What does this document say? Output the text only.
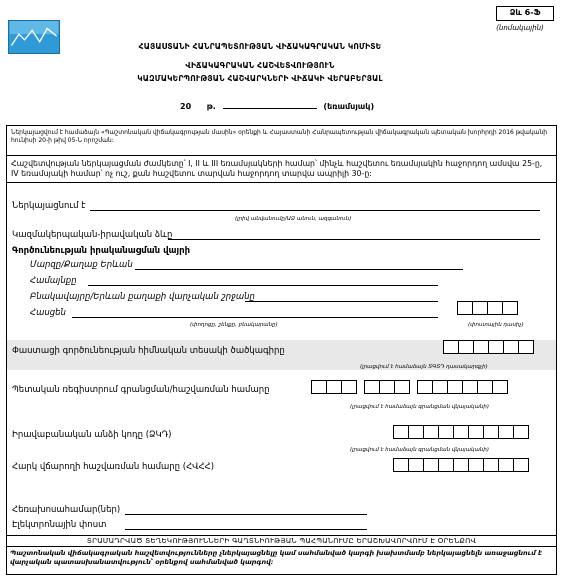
Ձև 6-Ֆ
(նոմակային)
ՀԱՅԱՍՏԱՆԻ ՀԱՆՐԱՊԵՏՈՒԹՅԱՆ ՎԻՃԱԿԱԳՐԱԿԱՆ ԿՈՄԻՏԵ
ՎԻՃԱԿԱԳՐԱԿԱՆ ՀԱՇՎԵՏՎՈՒԹՅՈՒՆ
ԿԱԶՄԱԿԵՐՊՈՒԹՅԱՆ ՀԱՇՎԱՐԿՆԵՐԻ ՎԻՃԱԿԻ ՎԵՐԱԲԵՐՅԱԼ
20 թ.	(եռամսյակ)
Ներկայացվում է համաձայն «Պաշտոնական վիճակագրության մասին» օրենքի և Հայաստանի Հանրապետության վիճակագրական պետական խորհրդի 2016 թվականի հունիսի 20-ի թիվ 05-Ն որոշման:
Հաշվետվության ներկայացման ժամկետը՝ I, II և III եռամսյակների համար՝ մինչև հաշվետու եռամսյակին հաջորդող ամսվա 25-ը, IV եռամսյակի համար՝ ոչ ուշ, քան հաշվետու տարվան հաջորդող տարվա ապրիլի 30-ը:
Ներկայացնում է
(լրիվ անվանումը/ԱՁ անուն, ազգանուն)
Կազմակերպական-իրավական ձևը
Գործունեության իրականացման վայրի
Մարզը/Քաղաք Երևան
Համայնքը
Բնակավայրը/Երևան քաղաքի վարչական շրջանը
Հասցեն
(փողոցը, շենքը, բնակարանը)	(փոստային դասիչ)
Փաստացի գործունեության հիմնական տեսակի ծածկագիրը
(լրացվում է համաձայն ՏԳՏԴ դասակարգչի)
Պետական ռեգիստրում գրանցման/հաշվառման համարը
(լրացվում է համաձայն գրանցման վկայականի)
Իրավաբանական անձի կոդը (ՁԿԴ)
(լրացվում է համաձայն գրանցման վկայականի)
Հարկ վճարողի հաշվառման համարը (ՀՎՀՀ)
Հեռախոսահամար(ներ)
Էլեկտրոնային փոստ
ՏՐԱՄԱԴՐՎԱԾ ՏԵՂԵԿՈՒԹՅՈՒՆՆԵՐԻ ԳԱՂՏՆԻՈՒԹՅԱՆ ՊԱՀՊԱՆՈՒՄԸ ԵՐԱՇԽԱՎՈՐՎՈՒՄ Է ՕՐԵՆՔՈՎ
Պաշտոնական վիճակագրական հաշվետվությունները չներկայացնելը կամ սահմանված կարգի խախտմամբ ներկայացնելն առաջացնում է վարչական պատասխանատվություն՝ օրենքով սահմանված կարգով:
